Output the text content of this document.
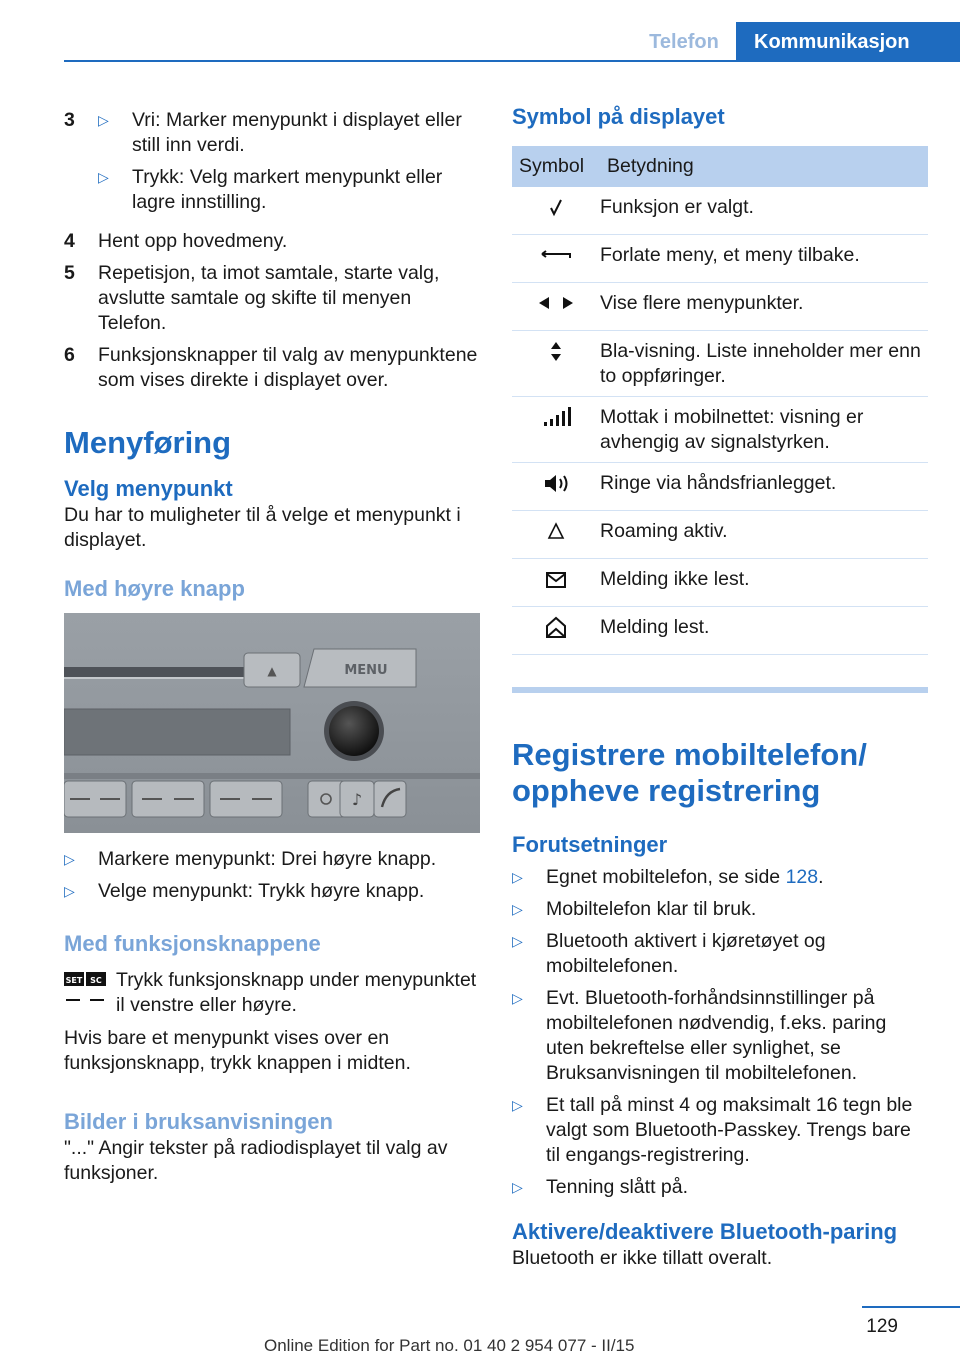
Telefon	Kommunikasjon
3	▷	Vri: Marker menypunkt i displayet eller still inn verdi.
▷	Trykk: Velg markert menypunkt eller lagre innstilling.
4	Hent opp hovedmeny.
5	Repetisjon, ta imot samtale, starte valg, avslutte samtale og skifte til menyen Telefon.
6	Funksjonsknapper til valg av menypunktene som vises direkte i displayet over.
Menyføring
Velg menypunkt
Du har to muligheter til å velge et menypunkt i displayet.
Med høyre knapp
▲	MENU
♪
▷	Markere menypunkt: Drei høyre knapp.
▷	Velge menypunkt: Trykk høyre knapp.
Med funksjonsknappene
SET SC Trykk funksjonsknapp under menypunktet il venstre eller høyre.
Hvis bare et menypunkt vises over en funksjonsknapp, trykk knappen i midten.
Bilder i bruksanvisningen
"..." Angir tekster på radiodisplayet til valg av funksjoner.
Symbol på displayet
Symbol	Betydning
	Funksjon er valgt.
	Forlate meny, et meny tilbake.
	Vise flere menypunkter.
	Bla-visning. Liste inneholder mer enn to oppføringer.
	Mottak i mobilnettet: visning er avhengig av signalstyrken.
	Ringe via håndsfrianlegget.
	Roaming aktiv.
	Melding ikke lest.
	Melding lest.
Registrere mobiltelefon/ oppheve registrering
Forutsetninger
▷	Egnet mobiltelefon, se side 128.
▷	Mobiltelefon klar til bruk.
▷	Bluetooth aktivert i kjøretøyet og mobiltelefonen.
▷	Evt. Bluetooth-forhåndsinnstillinger på mobiltelefonen nødvendig, f.eks. paring uten bekreftelse eller synlighet, se Bruksanvisningen til mobiltelefonen.
▷	Et tall på minst 4 og maksimalt 16 tegn ble valgt som Bluetooth-Passkey. Trengs bare til engangs-registrering.
▷	Tenning slått på.
Aktivere/deaktivere Bluetooth-paring
Bluetooth er ikke tillatt overalt.
129
Online Edition for Part no. 01 40 2 954 077 - II/15
